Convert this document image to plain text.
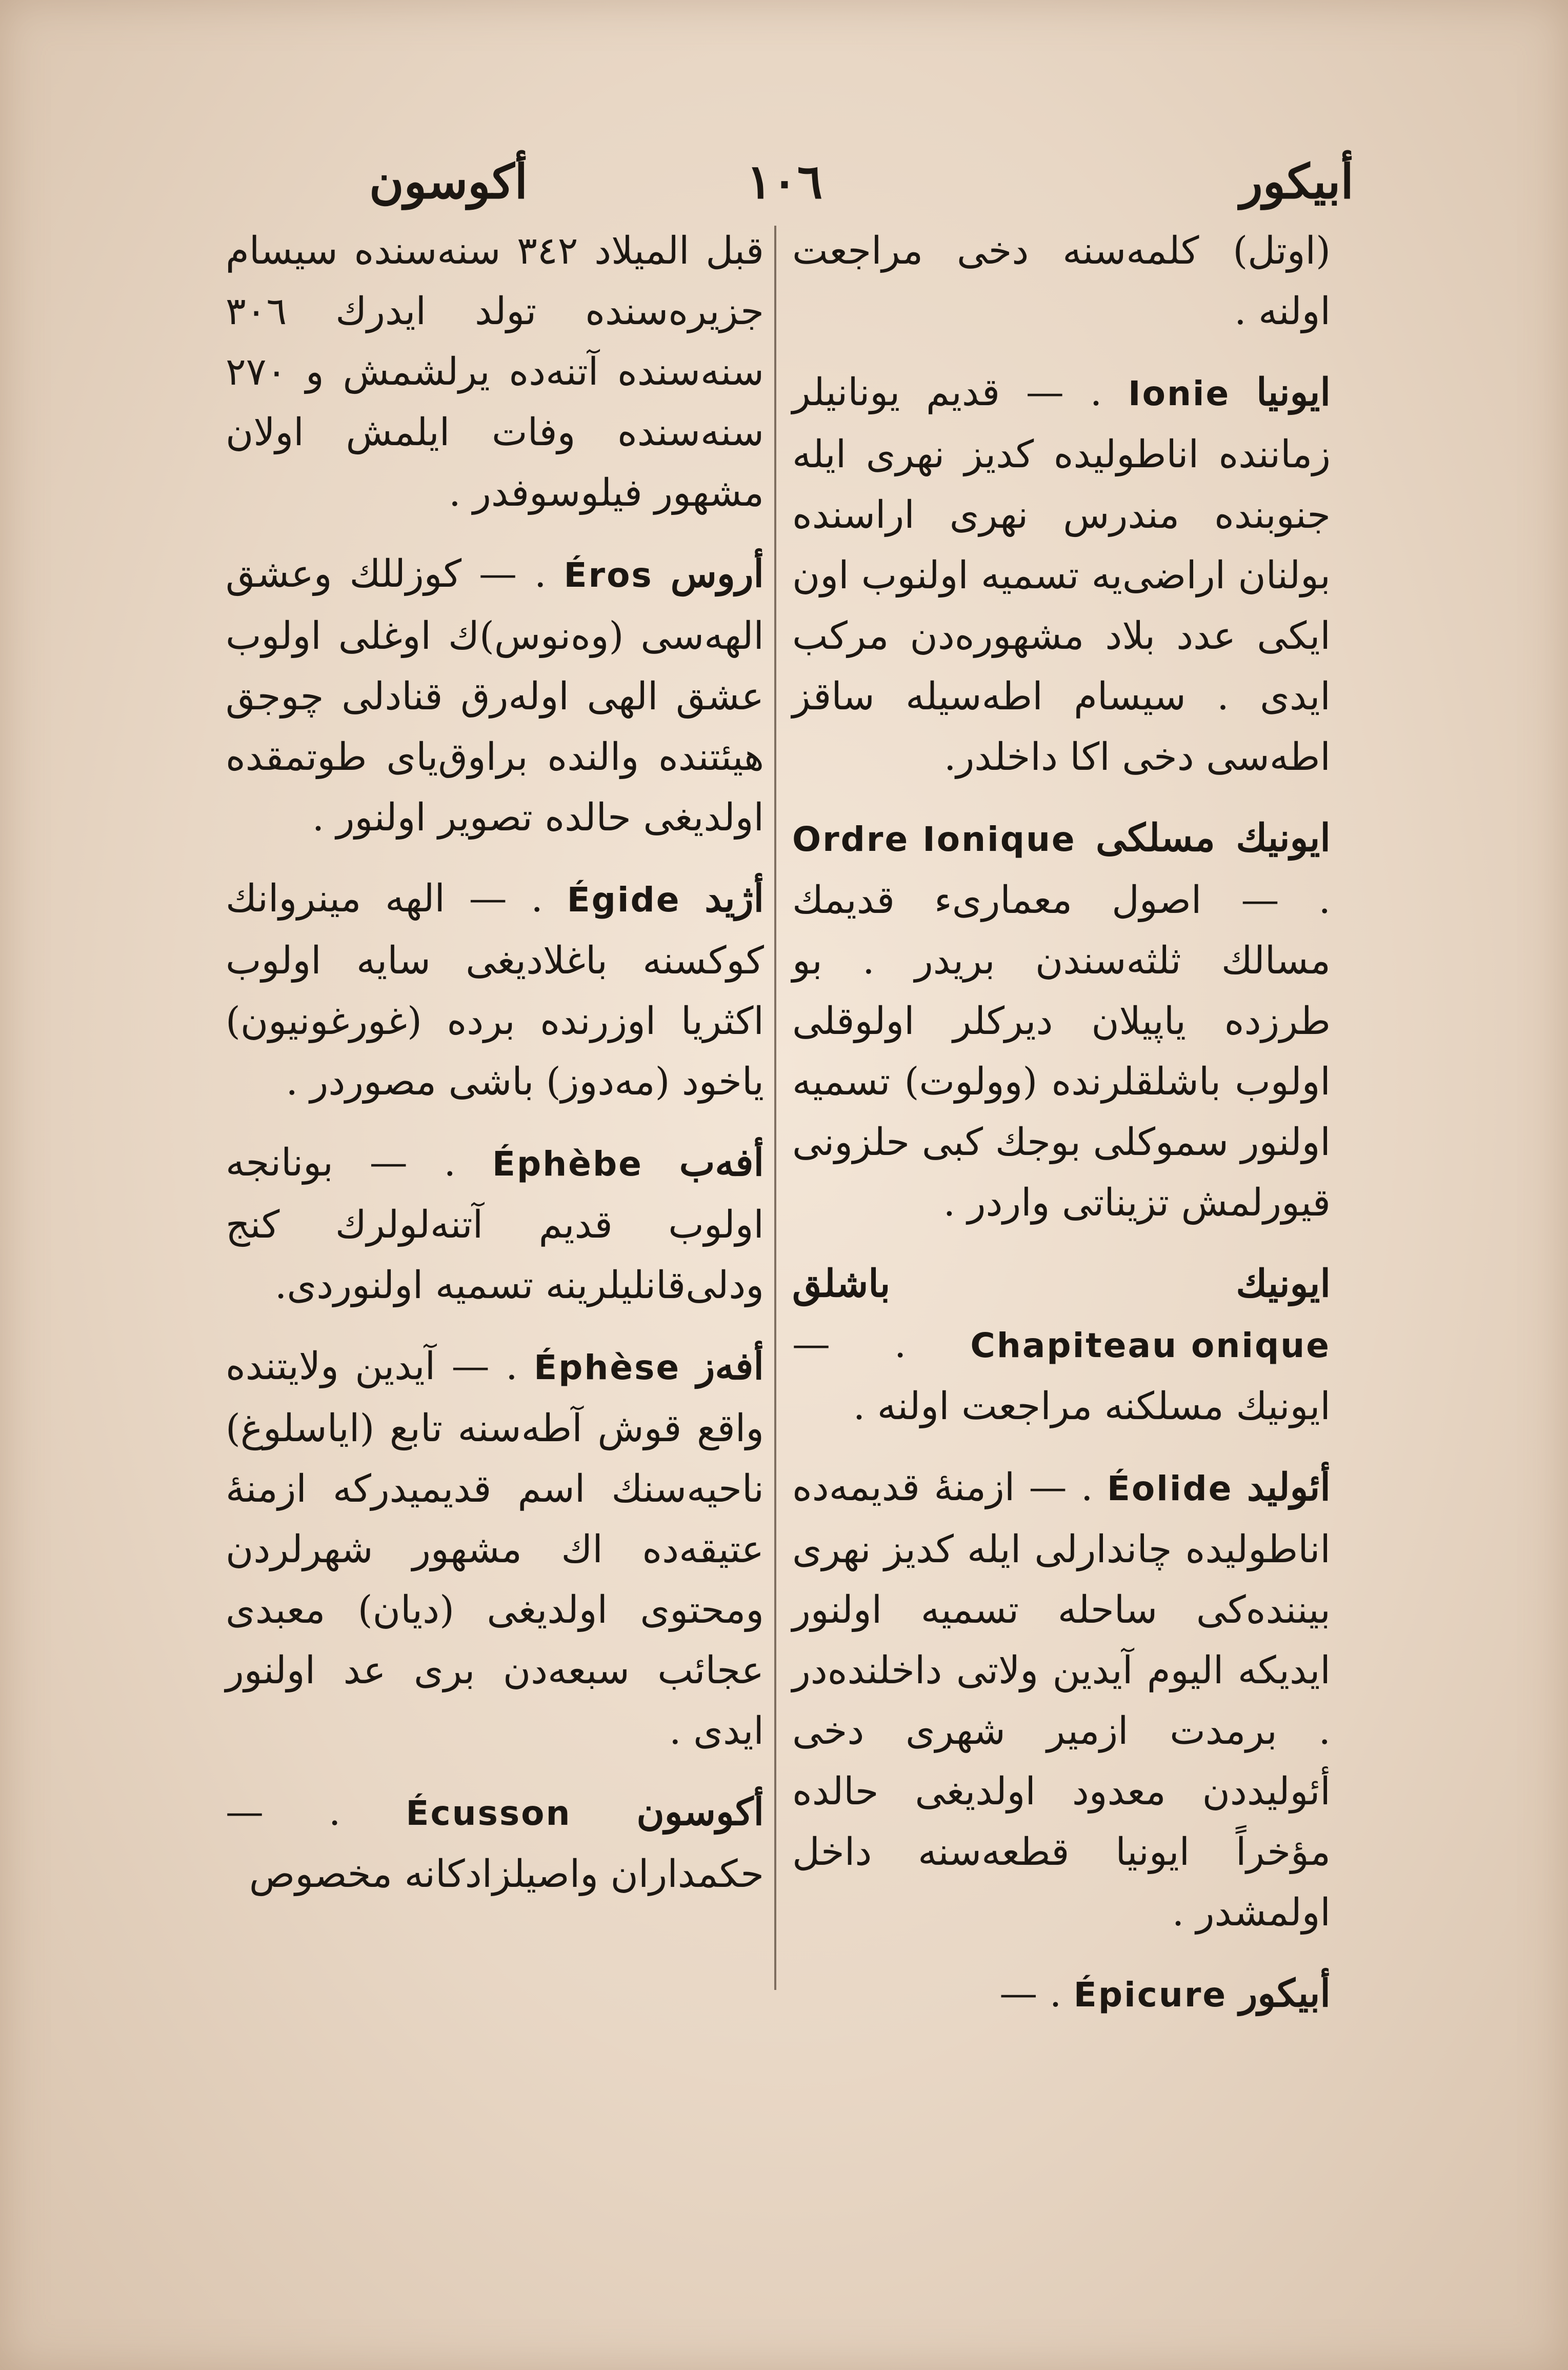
أبيكور
١٠٦
أكوسون

(اوتل) كلمه‌سنه دخی مراجعت اولنه .

ايونيا Ionie . — قديم يونانيلر زماننده اناطوليده كديز نهری ايله جنوبنده مندرس نهری اراسنده بولنان اراضی‌يه تسميه اولنوب اون ايكی عدد بلاد مشهوره‌دن مركب ايدی . سيسام اطه‌سيله ساقز اطه‌سی دخی اكا داخلدر.

ايونيك مسلكی Ordre Ionique . — اصول معماریء قديمك مسالك ثلثه‌سندن بريدر . بو طرزده ياپيلان ديركلر اولوقلی اولوب باشلقلرنده (وولوت) تسميه اولنور سموكلی بوجك كبی حلزونی قيورلمش تزيناتی واردر .

ايونيك باشلق Chapiteau onique . — ايونيك مسلكنه مراجعت اولنه .

أئوليد Éolide . — ازمنهٔ قديمه‌ده اناطوليده چاندارلی ايله كديز نهری بيننده‌كی ساحله تسميه اولنور ايديكه اليوم آيدين ولاتی داخلنده‌در . برمدت ازمير شهری دخی أئوليددن معدود اولديغی حالده مؤخراً ايونيا قطعه‌سنه داخل اولمشدر .

أبيكور Épicure . —

قبل الميلاد ٣٤٢ سنه‌سنده سيسام جزيره‌سنده تولد ايدرك ٣٠٦ سنه‌سنده آتنه‌ده يرلشمش و ٢٧٠ سنه‌سنده وفات ايلمش اولان مشهور فيلوسوفدر .

أروس Éros . — كوزللك وعشق الهه‌سی (وه‌نوس)ك اوغلی اولوب عشق الهی اوله‌رق قنادلی چوجق هيئتنده والنده براوق‌يای طوتمقده اولديغی حالده تصوير اولنور .

أژيد Égide . — الهه مينروانك كوكسنه باغلاديغی سايه اولوب اكثريا اوزرنده برده (غورغونيون) ياخود (مه‌دوز) باشی مصوردر .

أفەب Éphèbe . — بونانجه اولوب قديم آتنه‌لولرك كنج ودلی‌قانليلرينه تسميه اولنوردی.

أفەز Éphèse . — آيدين ولايتنده واقع قوش آطه‌سنه تابع (اياسلوغ) ناحيه‌سنك اسم قديميدركه ازمنهٔ عتيقه‌ده اك مشهور شهرلردن ومحتوی اولديغی (ديان) معبدی عجائب سبعه‌دن بری عد اولنور ايدی .

أكوسون Écusson . — حكمداران واصيلزادكانه مخصوص
